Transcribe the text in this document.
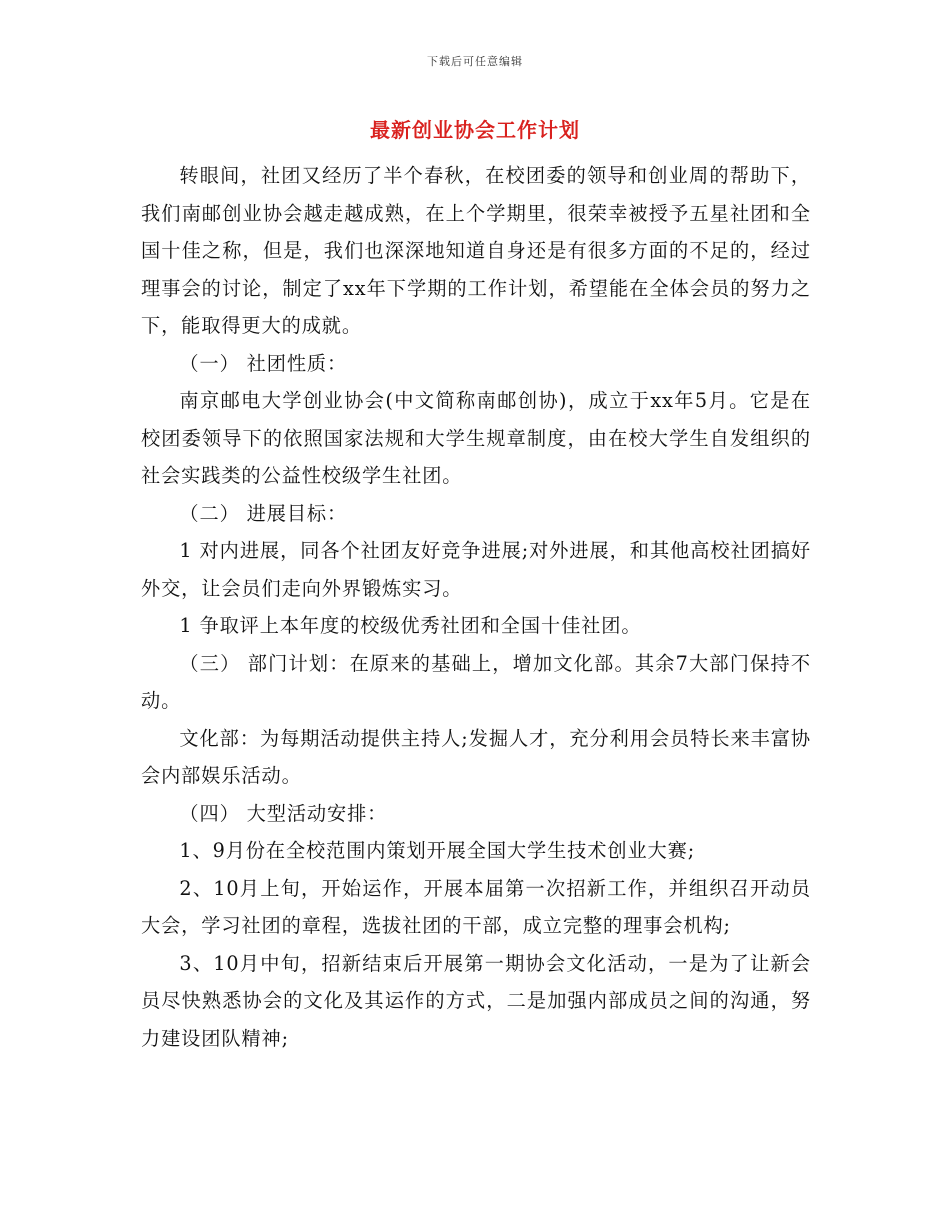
下载后可任意编辑
最新创业协会工作计划

转眼间，社团又经历了半个春秋，在校团委的领导和创业周的帮助下，我们南邮创业协会越走越成熟，在上个学期里，很荣幸被授予五星社团和全国十佳之称，但是，我们也深深地知道自身还是有很多方面的不足的，经过理事会的讨论，制定了xx年下学期的工作计划，希望能在全体会员的努力之下，能取得更大的成就。

（一） 社团性质：

南京邮电大学创业协会(中文简称南邮创协)，成立于xx年5月。它是在校团委领导下的依照国家法规和大学生规章制度，由在校大学生自发组织的社会实践类的公益性校级学生社团。

（二） 进展目标：

1 对内进展，同各个社团友好竞争进展;对外进展，和其他高校社团搞好外交，让会员们走向外界锻炼实习。

1 争取评上本年度的校级优秀社团和全国十佳社团。

（三） 部门计划：在原来的基础上，增加文化部。其余7大部门保持不动。

文化部：为每期活动提供主持人;发掘人才，充分利用会员特长来丰富协会内部娱乐活动。

（四） 大型活动安排：

1、9月份在全校范围内策划开展全国大学生技术创业大赛;

2、10月上旬，开始运作，开展本届第一次招新工作，并组织召开动员大会，学习社团的章程，选拔社团的干部，成立完整的理事会机构;

3、10月中旬，招新结束后开展第一期协会文化活动，一是为了让新会员尽快熟悉协会的文化及其运作的方式，二是加强内部成员之间的沟通，努力建设团队精神;
